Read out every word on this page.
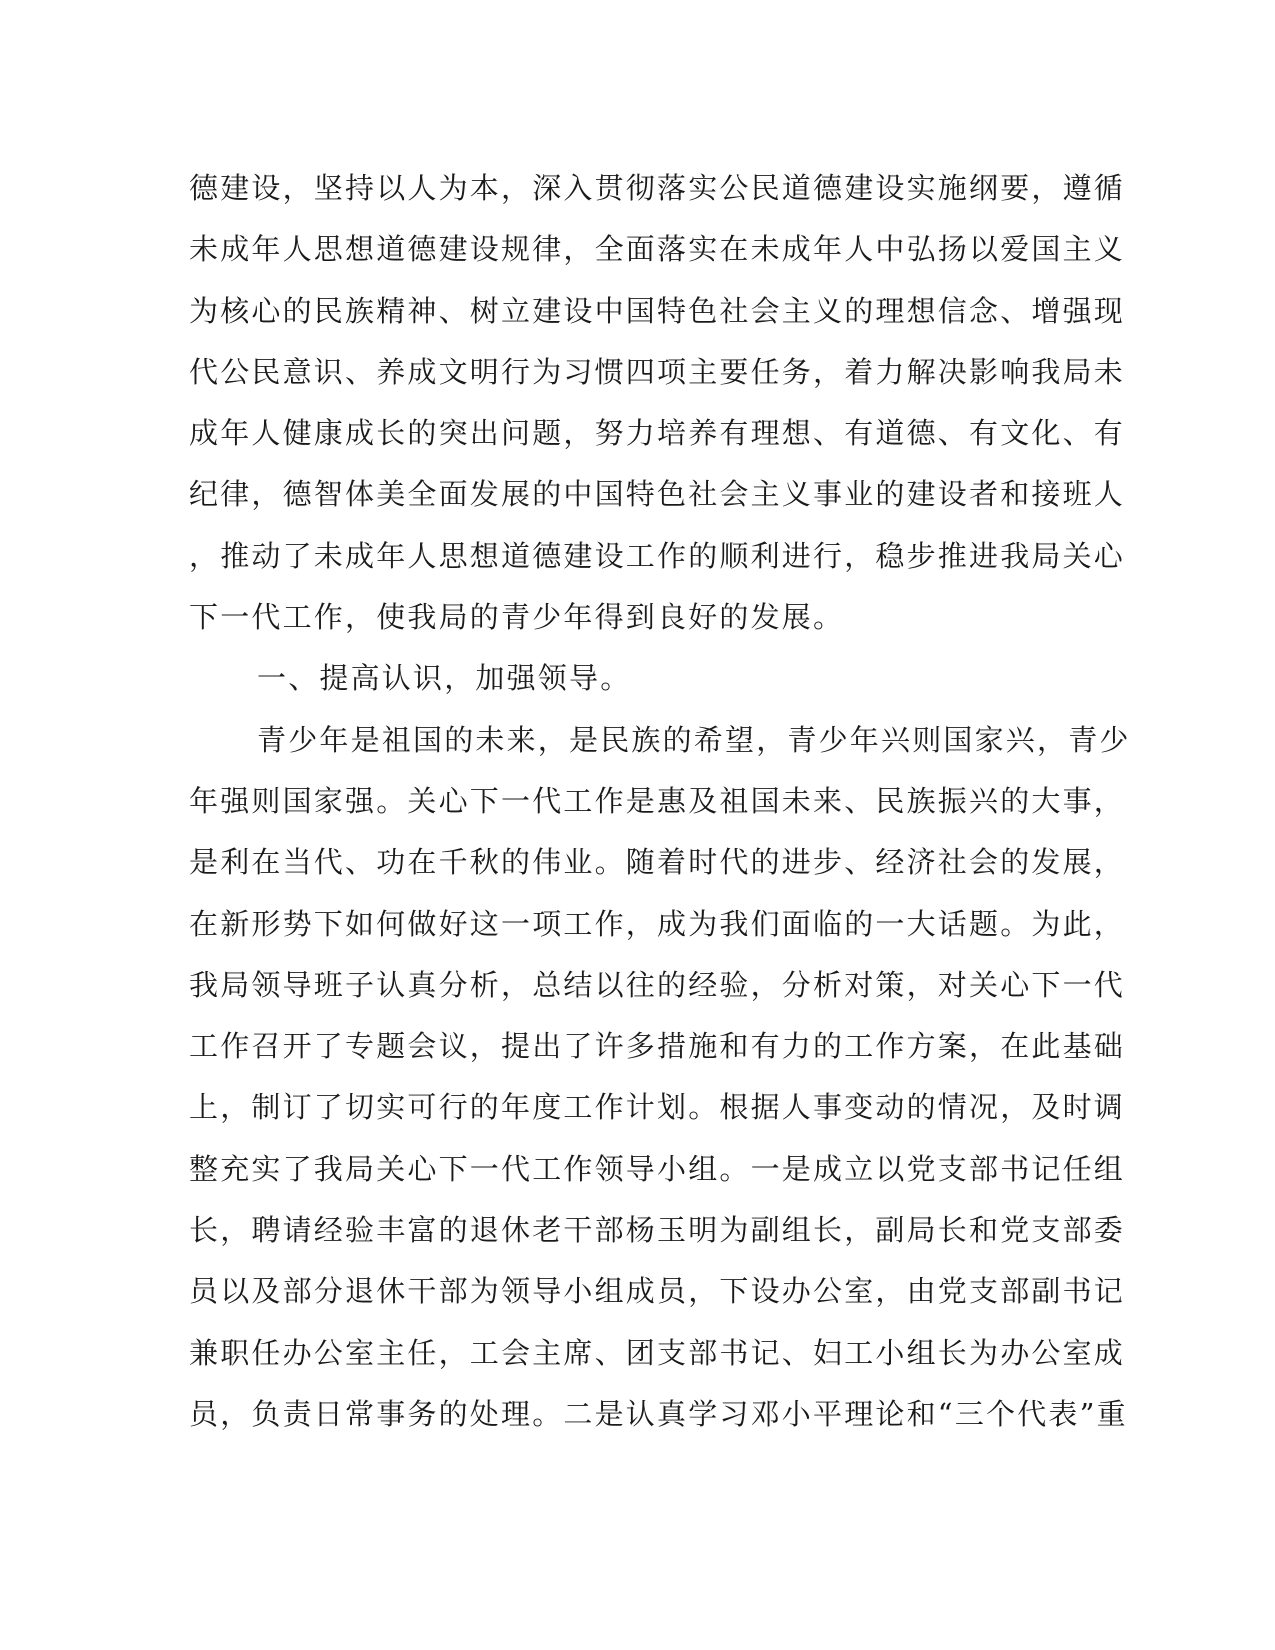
德建设，坚持以人为本，深入贯彻落实公民道德建设实施纲要，遵循
未成年人思想道德建设规律，全面落实在未成年人中弘扬以爱国主义
为核心的民族精神、树立建设中国特色社会主义的理想信念、增强现
代公民意识、养成文明行为习惯四项主要任务，着力解决影响我局未
成年人健康成长的突出问题，努力培养有理想、有道德、有文化、有
纪律，德智体美全面发展的中国特色社会主义事业的建设者和接班人
，推动了未成年人思想道德建设工作的顺利进行，稳步推进我局关心
下一代工作，使我局的青少年得到良好的发展。
一、提高认识，加强领导。
青少年是祖国的未来，是民族的希望，青少年兴则国家兴，青少
年强则国家强。关心下一代工作是惠及祖国未来、民族振兴的大事，
是利在当代、功在千秋的伟业。随着时代的进步、经济社会的发展，
在新形势下如何做好这一项工作，成为我们面临的一大话题。为此，
我局领导班子认真分析，总结以往的经验，分析对策，对关心下一代
工作召开了专题会议，提出了许多措施和有力的工作方案，在此基础
上，制订了切实可行的年度工作计划。根据人事变动的情况，及时调
整充实了我局关心下一代工作领导小组。一是成立以党支部书记任组
长，聘请经验丰富的退休老干部杨玉明为副组长，副局长和党支部委
员以及部分退休干部为领导小组成员，下设办公室，由党支部副书记
兼职任办公室主任，工会主席、团支部书记、妇工小组长为办公室成
员，负责日常事务的处理。二是认真学习邓小平理论和“三个代表”重
